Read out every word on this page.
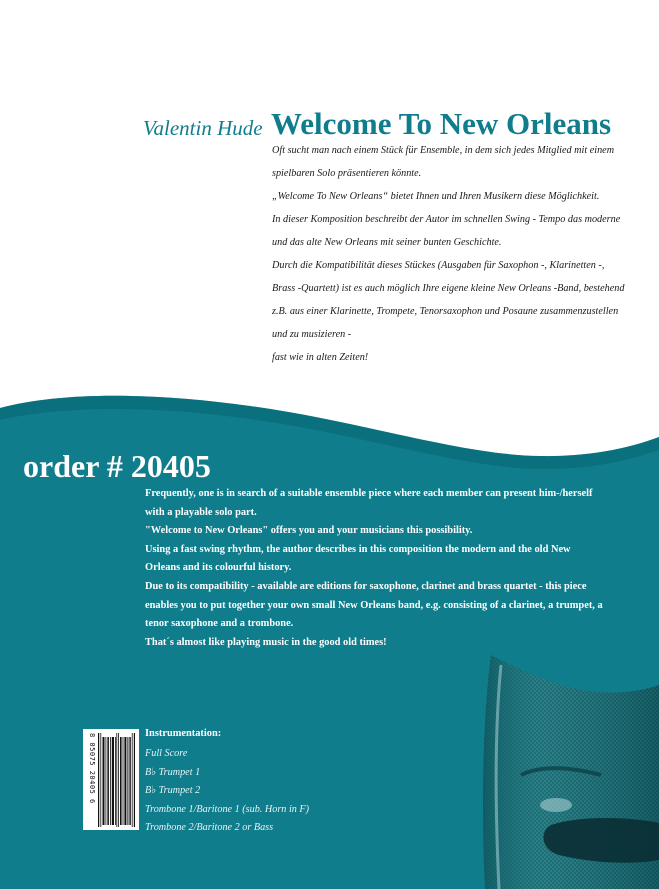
Valentin Hude Welcome To New Orleans
Oft sucht man nach einem Stück für Ensemble, in dem sich jedes Mitglied mit einem
spielbaren Solo präsentieren könnte.
„Welcome To New Orleans“ bietet Ihnen und Ihren Musikern diese Möglichkeit.
In dieser Komposition beschreibt der Autor im schnellen Swing - Tempo das moderne
und das alte New Orleans mit seiner bunten Geschichte.
Durch die Kompatibilität dieses Stückes (Ausgaben für Saxophon -, Klarinetten -,
Brass -Quartett) ist es auch möglich Ihre eigene kleine New Orleans -Band, bestehend
z.B. aus einer Klarinette, Trompete, Tenorsaxophon und Posaune zusammenzustellen
und zu musizieren -
fast wie in alten Zeiten!
order # 20405
Frequently, one is in search of a suitable ensemble piece where each member can present him-/herself
with a playable solo part.
"Welcome to New Orleans" offers you and your musicians this possibility.
Using a fast swing rhythm, the author describes in this composition the modern and the old New
Orleans and its colourful history.
Due to its compatibility - available are editions for saxophone, clarinet and brass quartet - this piece
enables you to put together your own small New Orleans band, e.g. consisting of a clarinet, a trumpet, a
tenor saxophone and a trombone.
That´s almost like playing music in the good old times!
8 05075 20405 6	Instrumentation:
Full Score
B♭ Trumpet 1
B♭ Trumpet 2
Trombone 1/Baritone 1 (sub. Horn in F)
Trombone 2/Baritone 2 or Bass
